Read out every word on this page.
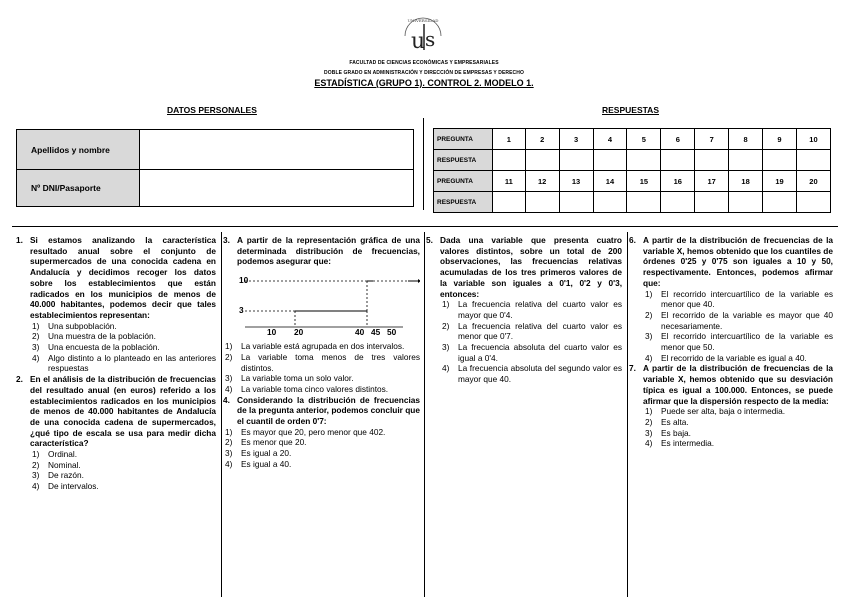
UNIVERSIDAD
u s
FACULTAD DE CIENCIAS ECONÓMICAS Y EMPRESARIALES
DOBLE GRADO EN ADMINISTRACIÓN Y DIRECCIÓN DE EMPRESAS Y DERECHO
ESTADÍSTICA (GRUPO 1). CONTROL 2. MODELO 1.
DATOS PERSONALES	RESPUESTAS
Apellidos y nombre	
Nº DNI/Pasaporte	
PREGUNTA	1	2	3	4	5	6	7	8	9	10
RESPUESTA										
PREGUNTA	11	12	13	14	15	16	17	18	19	20
RESPUESTA										
1. Si estamos analizando la característica resultado anual sobre el conjunto de supermercados de una conocida cadena en Andalucía y decidimos recoger los datos sobre los establecimientos que están radicados en los municipios de menos de 40.000 habitantes, podemos decir que tales establecimientos representan:
1)	Una subpoblación.
2)	Una muestra de la población.
3)	Una encuesta de la población.
4)	Algo distinto a lo planteado en las anteriores respuestas
2. En el análisis de la distribución de frecuencias del resultado anual (en euros) referido a los establecimientos radicados en los municipios de menos de 40.000 habitantes de Andalucía de una conocida cadena de supermercados, ¿qué tipo de escala se usa para medir dicha característica?
1)	Ordinal.
2)	Nominal.
3)	De razón.
4)	De intervalos.
3. A partir de la representación gráfica de una determinada distribución de frecuencias, podemos asegurar que:
10
3
10 20	40 45 50
1)	La variable está agrupada en dos intervalos.
2)	La variable toma menos de tres valores distintos.
3)	La variable toma un solo valor.
4)	La variable toma cinco valores distintos.
4. Considerando la distribución de frecuencias de la pregunta anterior, podemos concluir que el cuantil de orden 0'7:
1)	Es mayor que 20, pero menor que 402.
2)	Es menor que 20.
3)	Es igual a 20.
4)	Es igual a 40.
5. Dada una variable que presenta cuatro valores distintos, sobre un total de 200 observaciones, las frecuencias relativas acumuladas de los tres primeros valores de la variable son iguales a 0'1, 0'2 y 0'3, entonces:
1)	La frecuencia relativa del cuarto valor es mayor que 0'4.
2)	La frecuencia relativa del cuarto valor es menor que 0'7.
3)	La frecuencia absoluta del cuarto valor es igual a 0'4.
4)	La frecuencia absoluta del segundo valor es mayor que 40.
6. A partir de la distribución de frecuencias de la variable X, hemos obtenido que los cuantiles de órdenes 0'25 y 0'75 son iguales a 10 y 50, respectivamente. Entonces, podemos afirmar que:
1)	El recorrido intercuartílico de la variable es menor que 40.
2)	El recorrido de la variable es mayor que 40 necesariamente.
3)	El recorrido intercuartílico de la variable es menor que 50.
4)	El recorrido de la variable es igual a 40.
7. A partir de la distribución de frecuencias de la variable X, hemos obtenido que su desviación típica es igual a 100.000. Entonces, se puede afirmar que la dispersión respecto de la media:
1)	Puede ser alta, baja o intermedia.
2)	Es alta.
3)	Es baja.
4)	Es intermedia.
